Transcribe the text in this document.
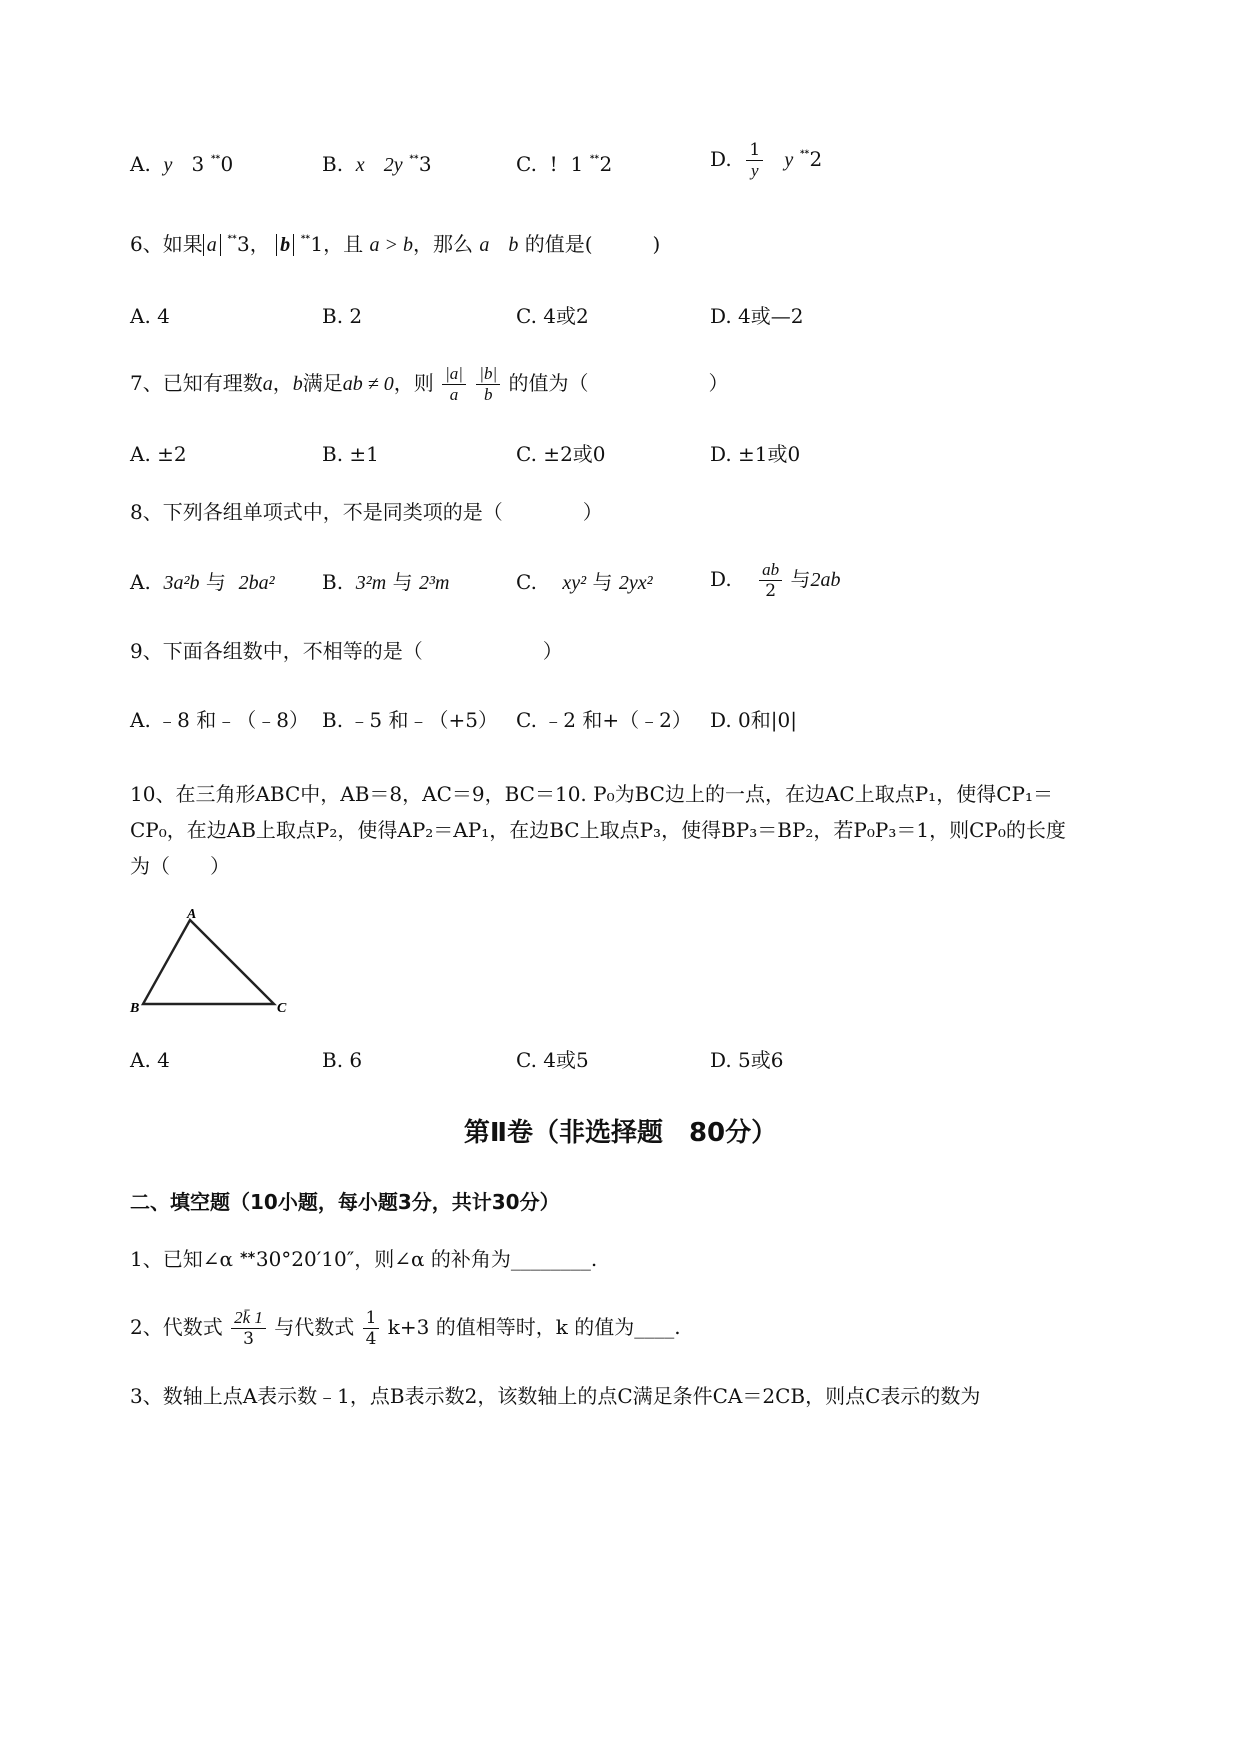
A. y 3 $^ᕯ$0	B. x 2y $^ᕯ$3	C. ! 1 $^ᕯ$2	D. $\frac{1}{y}$ y $^ᕯ$2
6、如果 a $^ᕯ$3， b $^ᕯ$1，且 a > b，那么 a b 的值是(　　　)
A. 4	B. 2	C. 4或2	D. 4或—2
7、已知有理数a，b满足ab ≠ 0，则 $\frac{|a|}{a}$
$\frac{|b|}{b}$ 的值为（　　　　　　）
A. ±2	B. ±1	C. ±2或0	D. ±1或0
8、下列各组单项式中，不是同类项的是（　　　　）
A. 3a²b 与 2ba² B. 3²m 与 2³m	C. xy² 与 2yx²	D. $\frac{ab}{2}$ 与2ab
9、下面各组数中，不相等的是（　　　　　　）
A. ﹣8 和﹣（﹣8） B. ﹣5 和﹣（+5） C. ﹣2 和+（﹣2） D. 0和|0|
10、在三角形ABC中，AB＝8，AC＝9，BC＝10. P₀为BC边上的一点，在边AC上取点P₁，使得CP₁＝
CP₀，在边AB上取点P₂，使得AP₂＝AP₁，在边BC上取点P₃，使得BP₃＝BP₂，若P₀P₃＝1，则CP₀的长度
为（　　）
A
B	C
A. 4	B. 6	C. 4或5	D. 5或6
第Ⅱ卷（非选择题　80分）
二、填空题（10小题，每小题3分，共计30分）
1、已知∠α ᕯ30°20′10″，则∠α 的补角为________.
2、代数式 $\frac{2k̄ 1}{3}$ 与代数式 $\frac{1}{4} k+3$ 的值相等时，k 的值为____.
3、数轴上点A表示数﹣1，点B表示数2，该数轴上的点C满足条件CA＝2CB，则点C表示的数为
